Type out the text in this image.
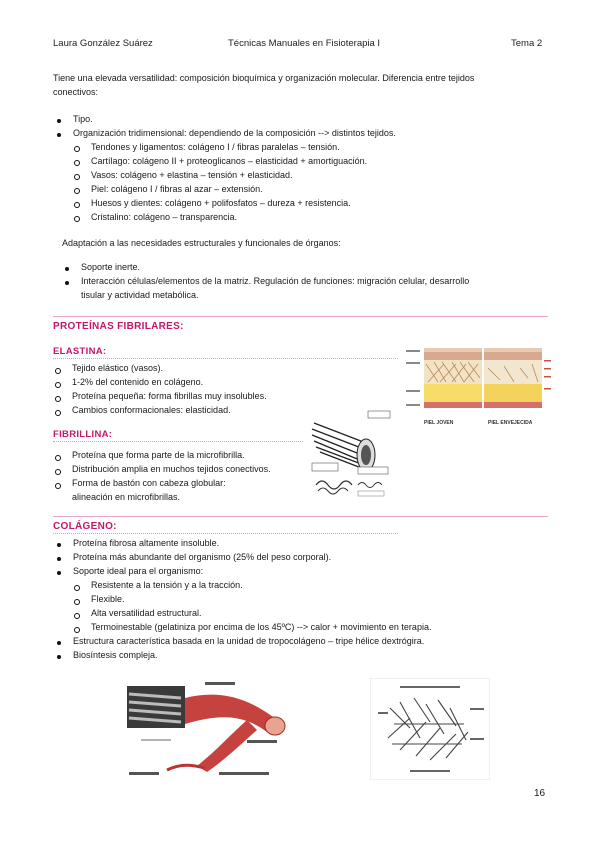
Laura González Suárez	Técnicas Manuales en Fisioterapia I	Tema 2
Tiene una elevada versatilidad: composición bioquímica y organización molecular. Diferencia entre tejidos
conectivos:
Tipo.
Organización tridimensional: dependiendo de la composición --> distintos tejidos.
Tendones y ligamentos: colágeno I / fibras paralelas – tensión.
Cartílago: colágeno II + proteoglicanos – elasticidad + amortiguación.
Vasos: colágeno + elastina – tensión + elasticidad.
Piel: colágeno I / fibras al azar – extensión.
Huesos y dientes: colágeno + polifosfatos – dureza + resistencia.
Cristalino: colágeno – transparencia.
Adaptación a las necesidades estructurales y funcionales de órganos:
Soporte inerte.
Interacción células/elementos de la matriz. Regulación de funciones: migración celular, desarrollo
tisular y actividad metabólica.
PROTEÍNAS FIBRILARES:
ELASTINA:
Tejido elástico (vasos).
1-2% del contenido en colágeno.
Proteína pequeña: forma fibrillas muy insolubles.
Cambios conformacionales: elasticidad.
FIBRILLINA:
Proteína que forma parte de la microfibrilla.
Distribución amplia en muchos tejidos conectivos.
Forma de bastón con cabeza globular:
alineación en microfibrillas.
PIEL JOVEN	PIEL ENVEJECIDA
COLÁGENO:
Proteína fibrosa altamente insoluble.
Proteína más abundante del organismo (25% del peso corporal).
Soporte ideal para el organismo:
Resistente a la tensión y a la tracción.
Flexible.
Alta versatilidad estructural.
Termoinestable (gelatiniza por encima de los 45ºC) --> calor + movimiento en terapia.
Estructura característica basada en la unidad de tropocolágeno – tripe hélice dextrógira.
Biosíntesis compleja.
16
